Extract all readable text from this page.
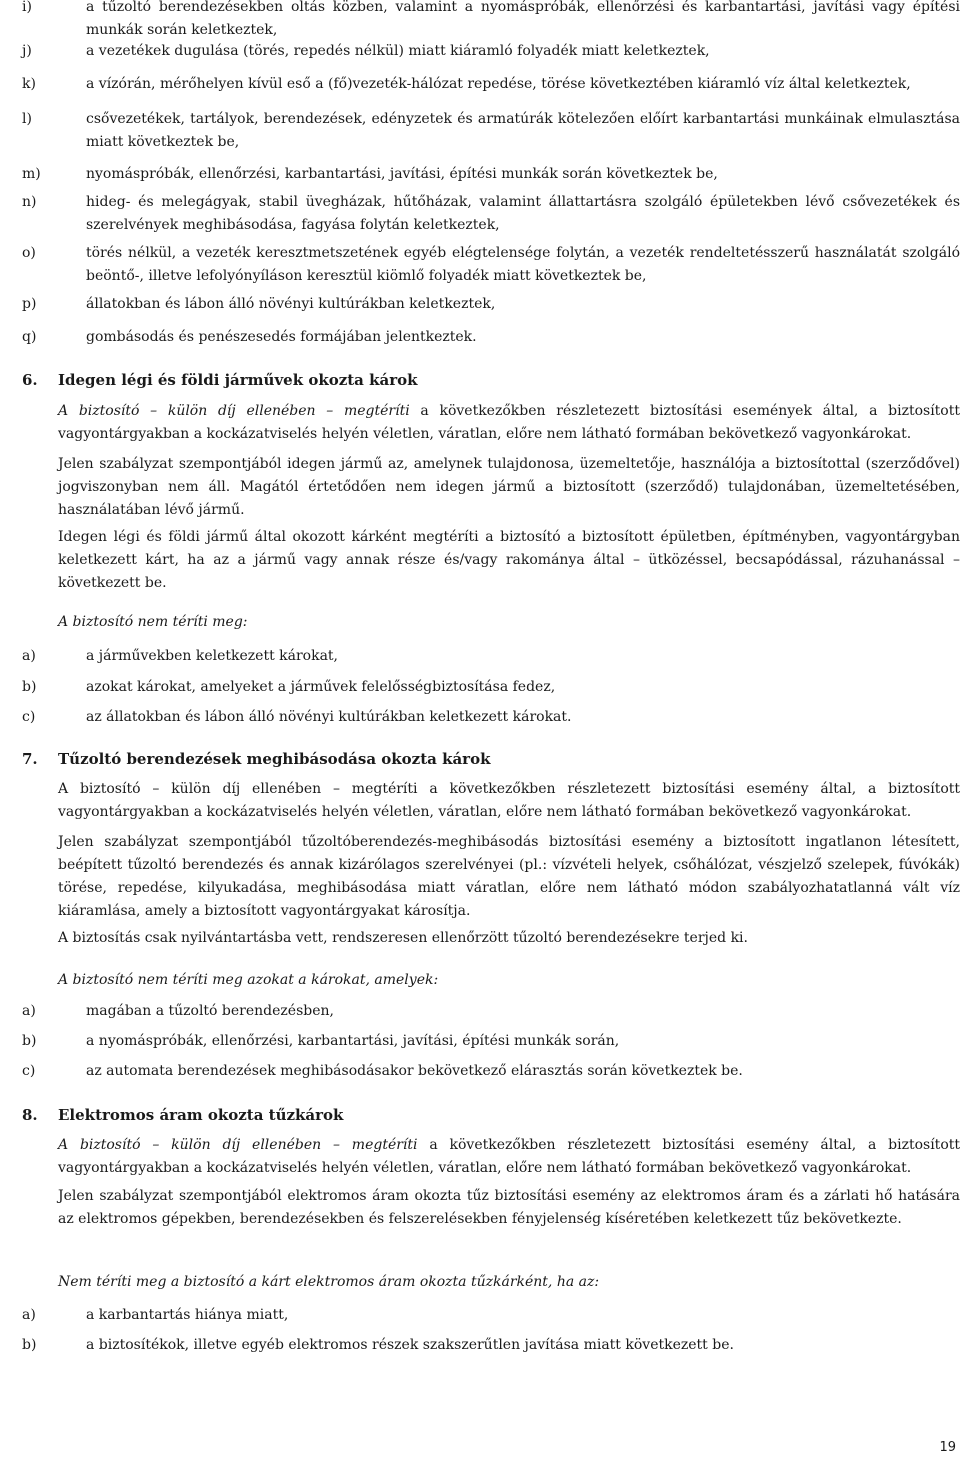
i)	a tűzoltó berendezésekben oltás közben, valamint a nyomáspróbák, ellenőrzési és karbantartási, javítási vagy építési munkák során keletkeztek,
j)	a vezetékek dugulása (törés, repedés nélkül) miatt kiáramló folyadék miatt keletkeztek,
k)	a vízórán, mérőhelyen kívül eső a (fő)vezeték-hálózat repedése, törése következtében kiáramló víz által keletkeztek,
l)	csővezetékek, tartályok, berendezések, edényzetek és armatúrák kötelezően előírt karbantartási munkáinak elmulasztása miatt következtek be,
m)	nyomáspróbák, ellenőrzési, karbantartási, javítási, építési munkák során következtek be,
n)	hideg- és melegágyak, stabil üvegházak, hűtőházak, valamint állattartásra szolgáló épületekben lévő csővezetékek és szerelvények meghibásodása, fagyása folytán keletkeztek,
o)	törés nélkül, a vezeték keresztmetszetének egyéb elégtelensége folytán, a vezeték rendeltetésszerű használatát szolgáló beöntő-, illetve lefolyónyíláson keresztül kiömlő folyadék miatt következtek be,
p)	állatokban és lábon álló növényi kultúrákban keletkeztek,
q)	gombásodás és penészesedés formájában jelentkeztek.
6. Idegen légi és földi járművek okozta károk
A biztosító – külön díj ellenében – megtéríti a következőkben részletezett biztosítási események által, a biztosított vagyontárgyakban a kockázatviselés helyén véletlen, váratlan, előre nem látható formában bekövetkező vagyonkárokat.
Jelen szabályzat szempontjából idegen jármű az, amelynek tulajdonosa, üzemeltetője, használója a biztosítottal (szerződővel) jogviszonyban nem áll. Magától értetődően nem idegen jármű a biztosított (szerződő) tulajdonában, üzemeltetésében, használatában lévő jármű.
Idegen légi és földi jármű által okozott kárként megtéríti a biztosító a biztosított épületben, építményben, vagyontárgyban keletkezett kárt, ha az a jármű vagy annak része és/vagy rakománya által – ütközéssel, becsapódással, rázuhanással – következett be.
A biztosító nem téríti meg:
a)	a járművekben keletkezett károkat,
b)	azokat károkat, amelyeket a járművek felelősségbiztosítása fedez,
c)	az állatokban és lábon álló növényi kultúrákban keletkezett károkat.
7. Tűzoltó berendezések meghibásodása okozta károk
A biztosító – külön díj ellenében – megtéríti a következőkben részletezett biztosítási esemény által, a biztosított vagyontárgyakban a kockázatviselés helyén véletlen, váratlan, előre nem látható formában bekövetkező vagyonkárokat.
Jelen szabályzat szempontjából tűzoltóberendezés-meghibásodás biztosítási esemény a biztosított ingatlanon létesített, beépített tűzoltó berendezés és annak kizárólagos szerelvényei (pl.: vízvételi helyek, csőhálózat, vészjelző szelepek, fúvókák) törése, repedése, kilyukadása, meghibásodása miatt váratlan, előre nem látható módon szabályozhatatlanná vált víz kiáramlása, amely a biztosított vagyontárgyakat károsítja.
A biztosítás csak nyilvántartásba vett, rendszeresen ellenőrzött tűzoltó berendezésekre terjed ki.
A biztosító nem téríti meg azokat a károkat, amelyek:
a)	magában a tűzoltó berendezésben,
b)	a nyomáspróbák, ellenőrzési, karbantartási, javítási, építési munkák során,
c)	az automata berendezések meghibásodásakor bekövetkező elárasztás során következtek be.
8. Elektromos áram okozta tűzkárok
A biztosító – külön díj ellenében – megtéríti a következőkben részletezett biztosítási esemény által, a biztosított vagyontárgyakban a kockázatviselés helyén véletlen, váratlan, előre nem látható formában bekövetkező vagyonkárokat.
Jelen szabályzat szempontjából elektromos áram okozta tűz biztosítási esemény az elektromos áram és a zárlati hő hatására az elektromos gépekben, berendezésekben és felszerelésekben fényjelenség kíséretében keletkezett tűz bekövetkezte.
Nem téríti meg a biztosító a kárt elektromos áram okozta tűzkárként, ha az:
a)	a karbantartás hiánya miatt,
b)	a biztosítékok, illetve egyéb elektromos részek szakszerűtlen javítása miatt következett be.
19
